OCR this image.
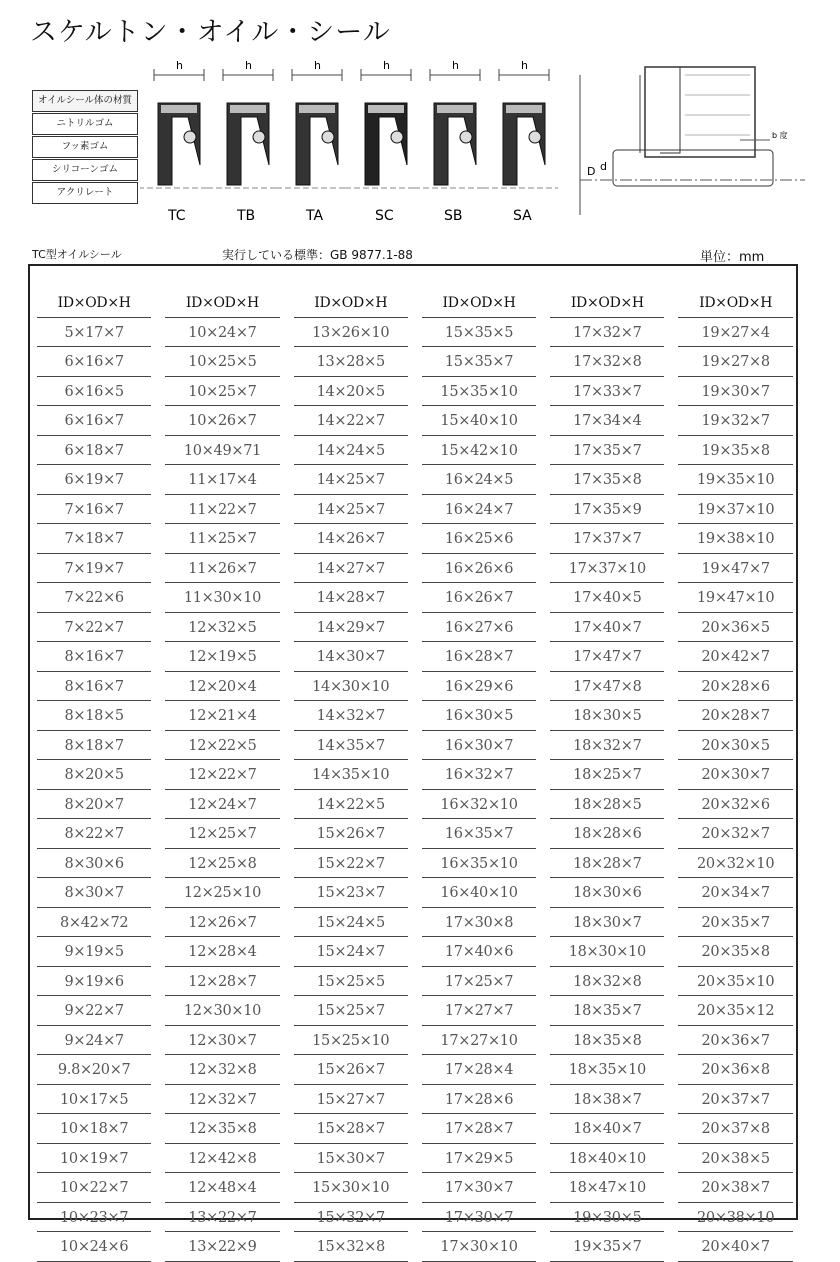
スケルトン・オイル・シール
オイルシール体の材質
ニトリルゴム
フッ素ゴム
シリコーンゴム
アクリレート
h
TC
h
TB
h
TA
h
SC
h
SB
h
SA
D d
b 度
TC型オイルシール	実行している標準：GB 9877.1-88	単位：mm
ID×OD×H
5×17×7
6×16×7
6×16×5
6×16×7
6×18×7
6×19×7
7×16×7
7×18×7
7×19×7
7×22×6
7×22×7
8×16×7
8×16×7
8×18×5
8×18×7
8×20×5
8×20×7
8×22×7
8×30×6
8×30×7
8×42×72
9×19×5
9×19×6
9×22×7
9×24×7
9.8×20×7
10×17×5
10×18×7
10×19×7
10×22×7
10×23×7
10×24×6
ID×OD×H
10×24×7
10×25×5
10×25×7
10×26×7
10×49×71
11×17×4
11×22×7
11×25×7
11×26×7
11×30×10
12×32×5
12×19×5
12×20×4
12×21×4
12×22×5
12×22×7
12×24×7
12×25×7
12×25×8
12×25×10
12×26×7
12×28×4
12×28×7
12×30×10
12×30×7
12×32×8
12×32×7
12×35×8
12×42×8
12×48×4
13×22×7
13×22×9
ID×OD×H
13×26×10
13×28×5
14×20×5
14×22×7
14×24×5
14×25×7
14×25×7
14×26×7
14×27×7
14×28×7
14×29×7
14×30×7
14×30×10
14×32×7
14×35×7
14×35×10
14×22×5
15×26×7
15×22×7
15×23×7
15×24×5
15×24×7
15×25×5
15×25×7
15×25×10
15×26×7
15×27×7
15×28×7
15×30×7
15×30×10
15×32×7
15×32×8
ID×OD×H
15×35×5
15×35×7
15×35×10
15×40×10
15×42×10
16×24×5
16×24×7
16×25×6
16×26×6
16×26×7
16×27×6
16×28×7
16×29×6
16×30×5
16×30×7
16×32×7
16×32×10
16×35×7
16×35×10
16×40×10
17×30×8
17×40×6
17×25×7
17×27×7
17×27×10
17×28×4
17×28×6
17×28×7
17×29×5
17×30×7
17×30×7
17×30×10
ID×OD×H
17×32×7
17×32×8
17×33×7
17×34×4
17×35×7
17×35×8
17×35×9
17×37×7
17×37×10
17×40×5
17×40×7
17×47×7
17×47×8
18×30×5
18×32×7
18×25×7
18×28×5
18×28×6
18×28×7
18×30×6
18×30×7
18×30×10
18×32×8
18×35×7
18×35×8
18×35×10
18×38×7
18×40×7
18×40×10
18×47×10
19×30×5
19×35×7
ID×OD×H
19×27×4
19×27×8
19×30×7
19×32×7
19×35×8
19×35×10
19×37×10
19×38×10
19×47×7
19×47×10
20×36×5
20×42×7
20×28×6
20×28×7
20×30×5
20×30×7
20×32×6
20×32×7
20×32×10
20×34×7
20×35×7
20×35×8
20×35×10
20×35×12
20×36×7
20×36×8
20×37×7
20×37×8
20×38×5
20×38×7
20×38×10
20×40×7
